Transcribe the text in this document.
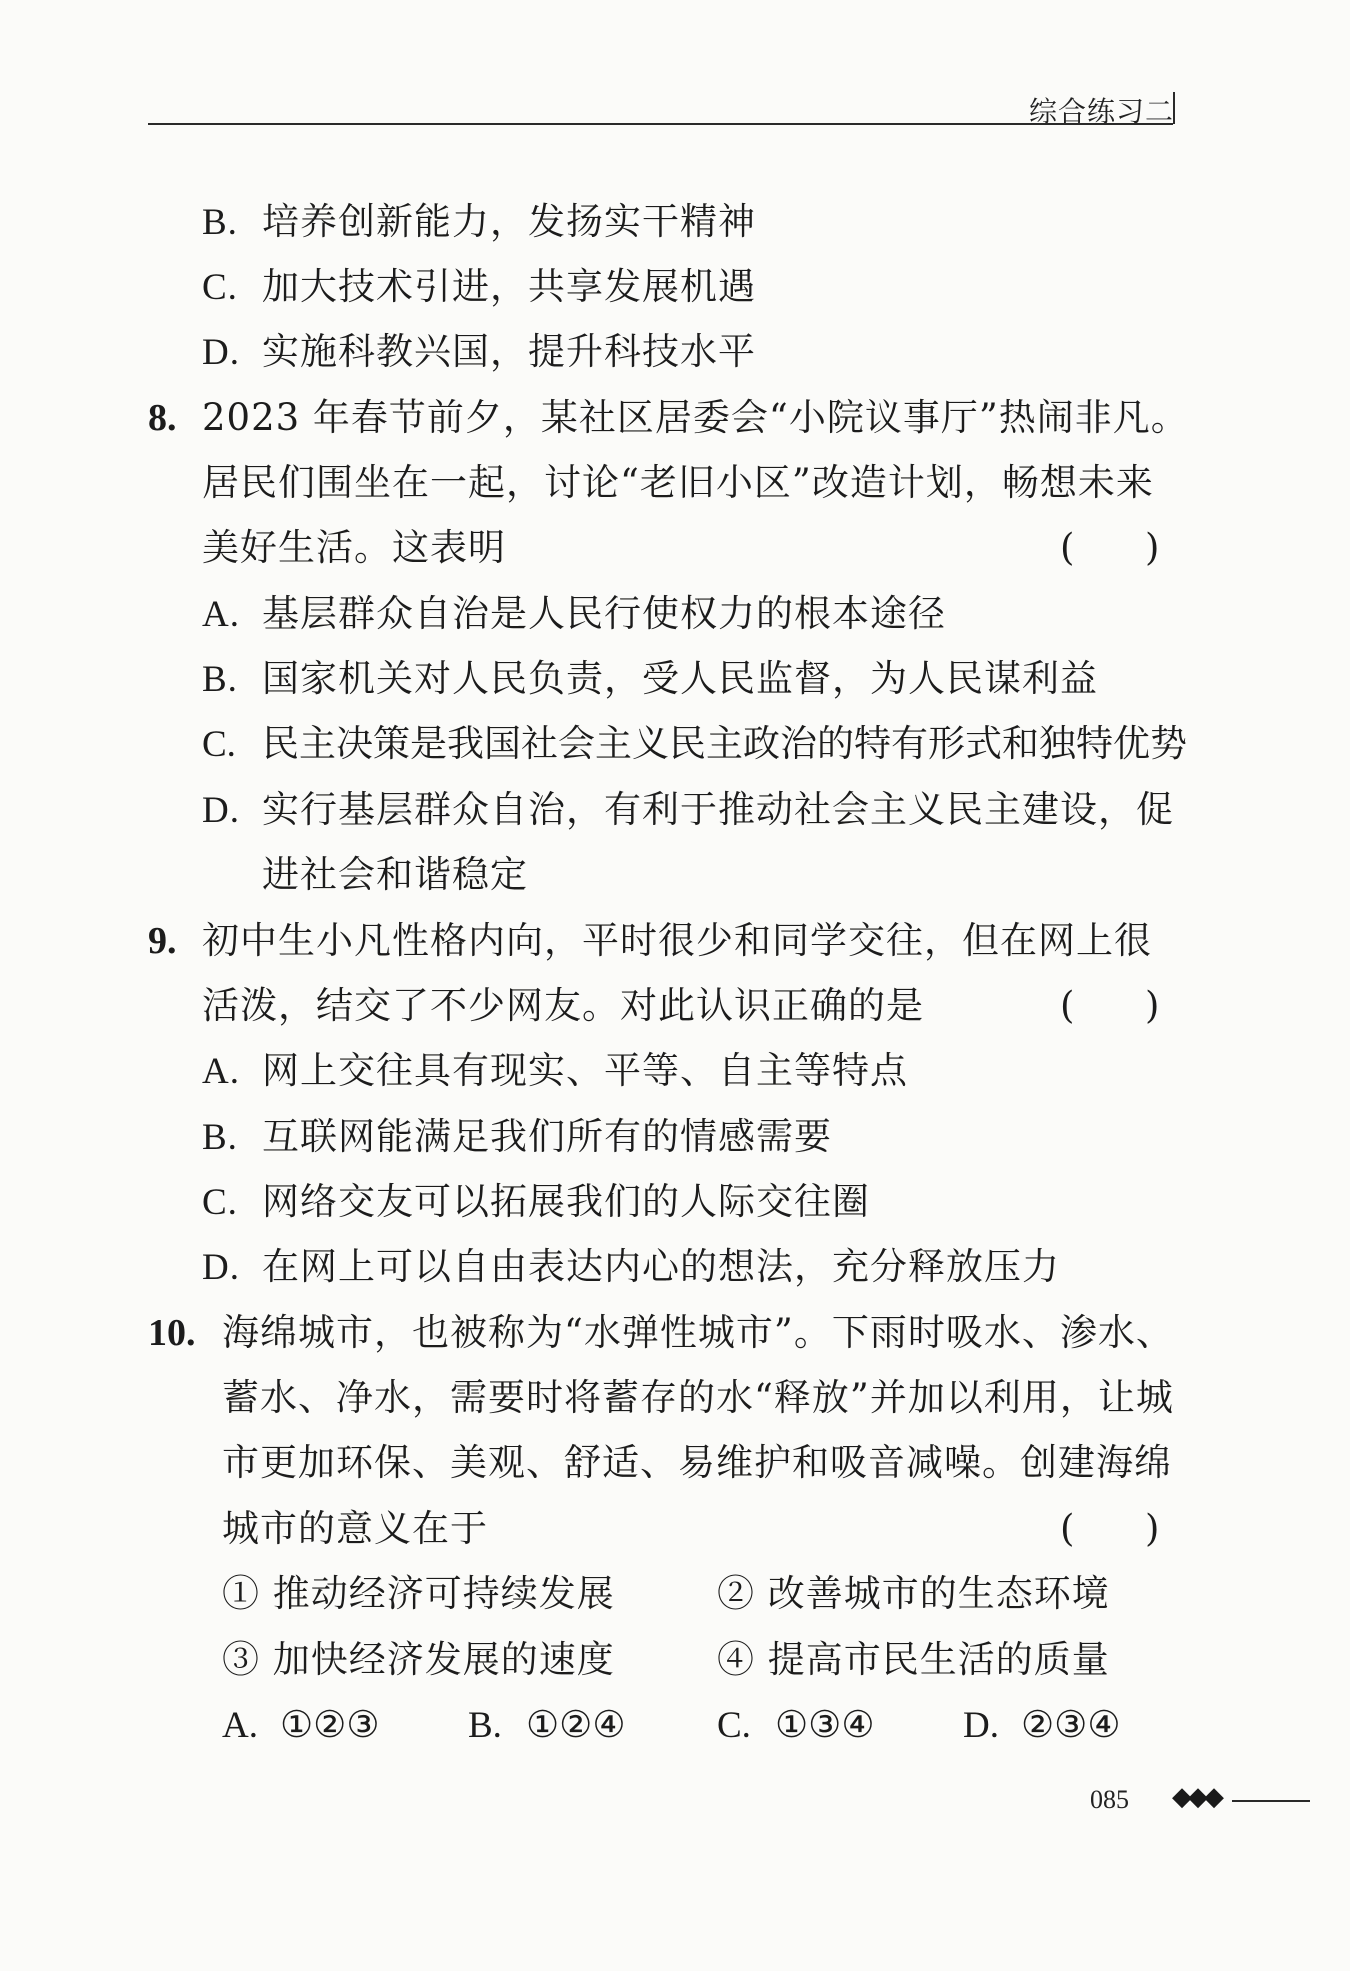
综合练习二
B. 培养创新能力，发扬实干精神
C. 加大技术引进，共享发展机遇
D. 实施科教兴国，提升科技水平
8. 2023 年春节前夕，某社区居委会“小院议事厅”热闹非凡。
居民们围坐在一起，讨论“老旧小区”改造计划，畅想未来
美好生活。这表明	(      )
A. 基层群众自治是人民行使权力的根本途径
B. 国家机关对人民负责，受人民监督，为人民谋利益
C. 民主决策是我国社会主义民主政治的特有形式和独特优势
D. 实行基层群众自治，有利于推动社会主义民主建设，促
进社会和谐稳定
9. 初中生小凡性格内向，平时很少和同学交往，但在网上很
活泼，结交了不少网友。对此认识正确的是	(      )
A. 网上交往具有现实、平等、自主等特点
B. 互联网能满足我们所有的情感需要
C. 网络交友可以拓展我们的人际交往圈
D. 在网上可以自由表达内心的想法，充分释放压力
10. 海绵城市，也被称为“水弹性城市”。下雨时吸水、渗水、
蓄水、净水，需要时将蓄存的水“释放”并加以利用，让城
市更加环保、美观、舒适、易维护和吸音减噪。创建海绵
城市的意义在于	(      )
① 推动经济可持续发展	② 改善城市的生态环境
③ 加快经济发展的速度	④ 提高市民生活的质量
A. ①②③ B. ①②④ C. ①③④ D. ②③④
085 ◆◆◆
